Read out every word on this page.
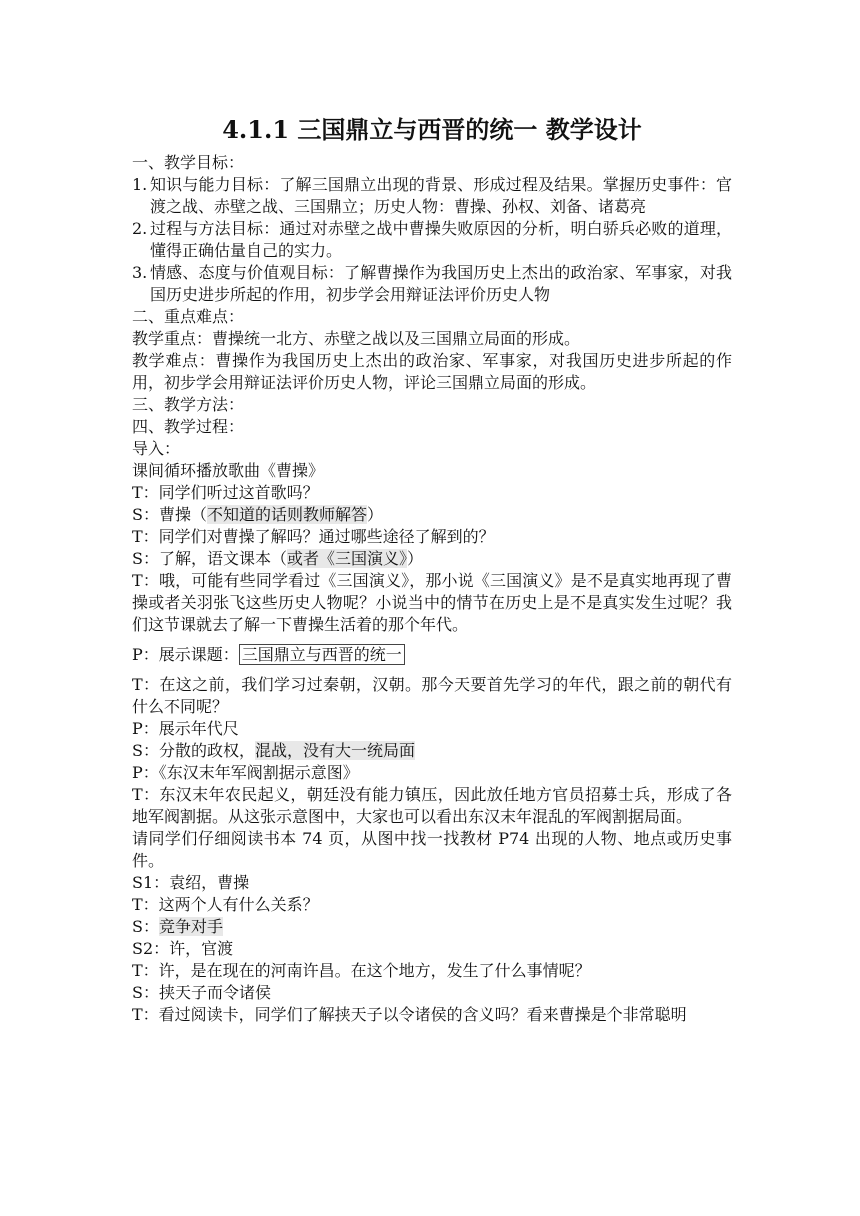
4.1.1 三国鼎立与西晋的统一 教学设计

一、教学目标：

1. 知识与能力目标：了解三国鼎立出现的背景、形成过程及结果。掌握历史事件：官渡之战、赤壁之战、三国鼎立；历史人物：曹操、孙权、刘备、诸葛亮
2. 过程与方法目标：通过对赤壁之战中曹操失败原因的分析，明白骄兵必败的道理，懂得正确估量自己的实力。
3. 情感、态度与价值观目标：了解曹操作为我国历史上杰出的政治家、军事家，对我国历史进步所起的作用，初步学会用辩证法评价历史人物

二、重点难点：

教学重点：曹操统一北方、赤壁之战以及三国鼎立局面的形成。

教学难点：曹操作为我国历史上杰出的政治家、军事家，对我国历史进步所起的作用，初步学会用辩证法评价历史人物，评论三国鼎立局面的形成。

三、教学方法：

四、教学过程：

导入：

课间循环播放歌曲《曹操》

T：同学们听过这首歌吗？

S：曹操（不知道的话则教师解答）

T：同学们对曹操了解吗？通过哪些途径了解到的？

S：了解，语文课本（或者《三国演义》）

T：哦，可能有些同学看过《三国演义》，那小说《三国演义》是不是真实地再现了曹操或者关羽张飞这些历史人物呢？小说当中的情节在历史上是不是真实发生过呢？我们这节课就去了解一下曹操生活着的那个年代。

P：展示课题： 三国鼎立与西晋的统一

T：在这之前，我们学习过秦朝，汉朝。那今天要首先学习的年代，跟之前的朝代有什么不同呢？

P：展示年代尺

S：分散的政权，混战，没有大一统局面

P：《东汉末年军阀割据示意图》

T：东汉末年农民起义，朝廷没有能力镇压，因此放任地方官员招募士兵，形成了各地军阀割据。从这张示意图中，大家也可以看出东汉末年混乱的军阀割据局面。

请同学们仔细阅读书本 74 页，从图中找一找教材 P74 出现的人物、地点或历史事件。

S1：袁绍，曹操

T：这两个人有什么关系？

S：竞争对手

S2：许，官渡

T：许，是在现在的河南许昌。在这个地方，发生了什么事情呢？

S：挟天子而令诸侯

T：看过阅读卡，同学们了解挟天子以令诸侯的含义吗？看来曹操是个非常聪明
